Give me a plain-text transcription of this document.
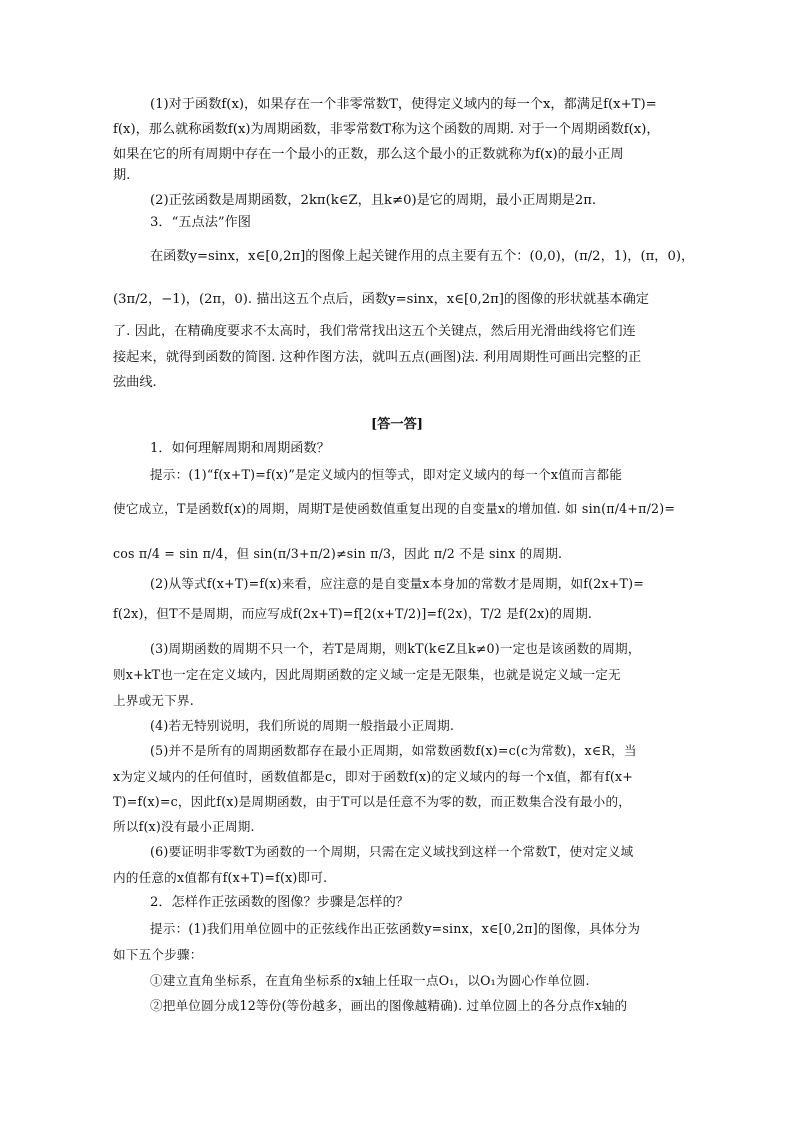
(1)对于函数f(x)，如果存在一个非零常数T，使得定义域内的每一个x，都满足f(x+T)=
f(x)，那么就称函数f(x)为周期函数，非零常数T称为这个函数的周期. 对于一个周期函数f(x)，
如果在它的所有周期中存在一个最小的正数，那么这个最小的正数就称为f(x)的最小正周
期.
(2)正弦函数是周期函数，2kπ(k∈Z，且k≠0)是它的周期，最小正周期是2π.
3．“五点法”作图
在函数y=sinx，x∈[0,2π]的图像上起关键作用的点主要有五个：(0,0)，(π/2，1)，(π，0)，
(3π/2，−1)，(2π，0). 描出这五个点后，函数y=sinx，x∈[0,2π]的图像的形状就基本确定
了. 因此，在精确度要求不太高时，我们常常找出这五个关键点，然后用光滑曲线将它们连
接起来，就得到函数的简图. 这种作图方法，就叫五点(画图)法. 利用周期性可画出完整的正
弦曲线.
[答一答]
1．如何理解周期和周期函数？
提示：(1)“f(x+T)=f(x)”是定义域内的恒等式，即对定义域内的每一个x值而言都能
使它成立，T是函数f(x)的周期，周期T是使函数值重复出现的自变量x的增加值. 如 sin(π/4+π/2)=
cos π/4 = sin π/4，但 sin(π/3+π/2)≠sin π/3，因此 π/2 不是 sinx 的周期.
(2)从等式f(x+T)=f(x)来看，应注意的是自变量x本身加的常数才是周期，如f(2x+T)=
f(2x)，但T不是周期，而应写成f(2x+T)=f[2(x+T/2)]=f(2x)，T/2 是f(2x)的周期.
(3)周期函数的周期不只一个，若T是周期，则kT(k∈Z且k≠0)一定也是该函数的周期，
则x+kT也一定在定义域内，因此周期函数的定义域一定是无限集，也就是说定义域一定无
上界或无下界.
(4)若无特别说明，我们所说的周期一般指最小正周期.
(5)并不是所有的周期函数都存在最小正周期，如常数函数f(x)=c(c为常数)，x∈R，当
x为定义域内的任何值时，函数值都是c，即对于函数f(x)的定义域内的每一个x值，都有f(x+
T)=f(x)=c，因此f(x)是周期函数，由于T可以是任意不为零的数，而正数集合没有最小的，
所以f(x)没有最小正周期.
(6)要证明非零数T为函数的一个周期，只需在定义域找到这样一个常数T，使对定义域
内的任意的x值都有f(x+T)=f(x)即可.
2．怎样作正弦函数的图像？步骤是怎样的？
提示：(1)我们用单位圆中的正弦线作出正弦函数y=sinx，x∈[0,2π]的图像，具体分为
如下五个步骤：
①建立直角坐标系，在直角坐标系的x轴上任取一点O₁，以O₁为圆心作单位圆.
②把单位圆分成12等份(等份越多，画出的图像越精确). 过单位圆上的各分点作x轴的
